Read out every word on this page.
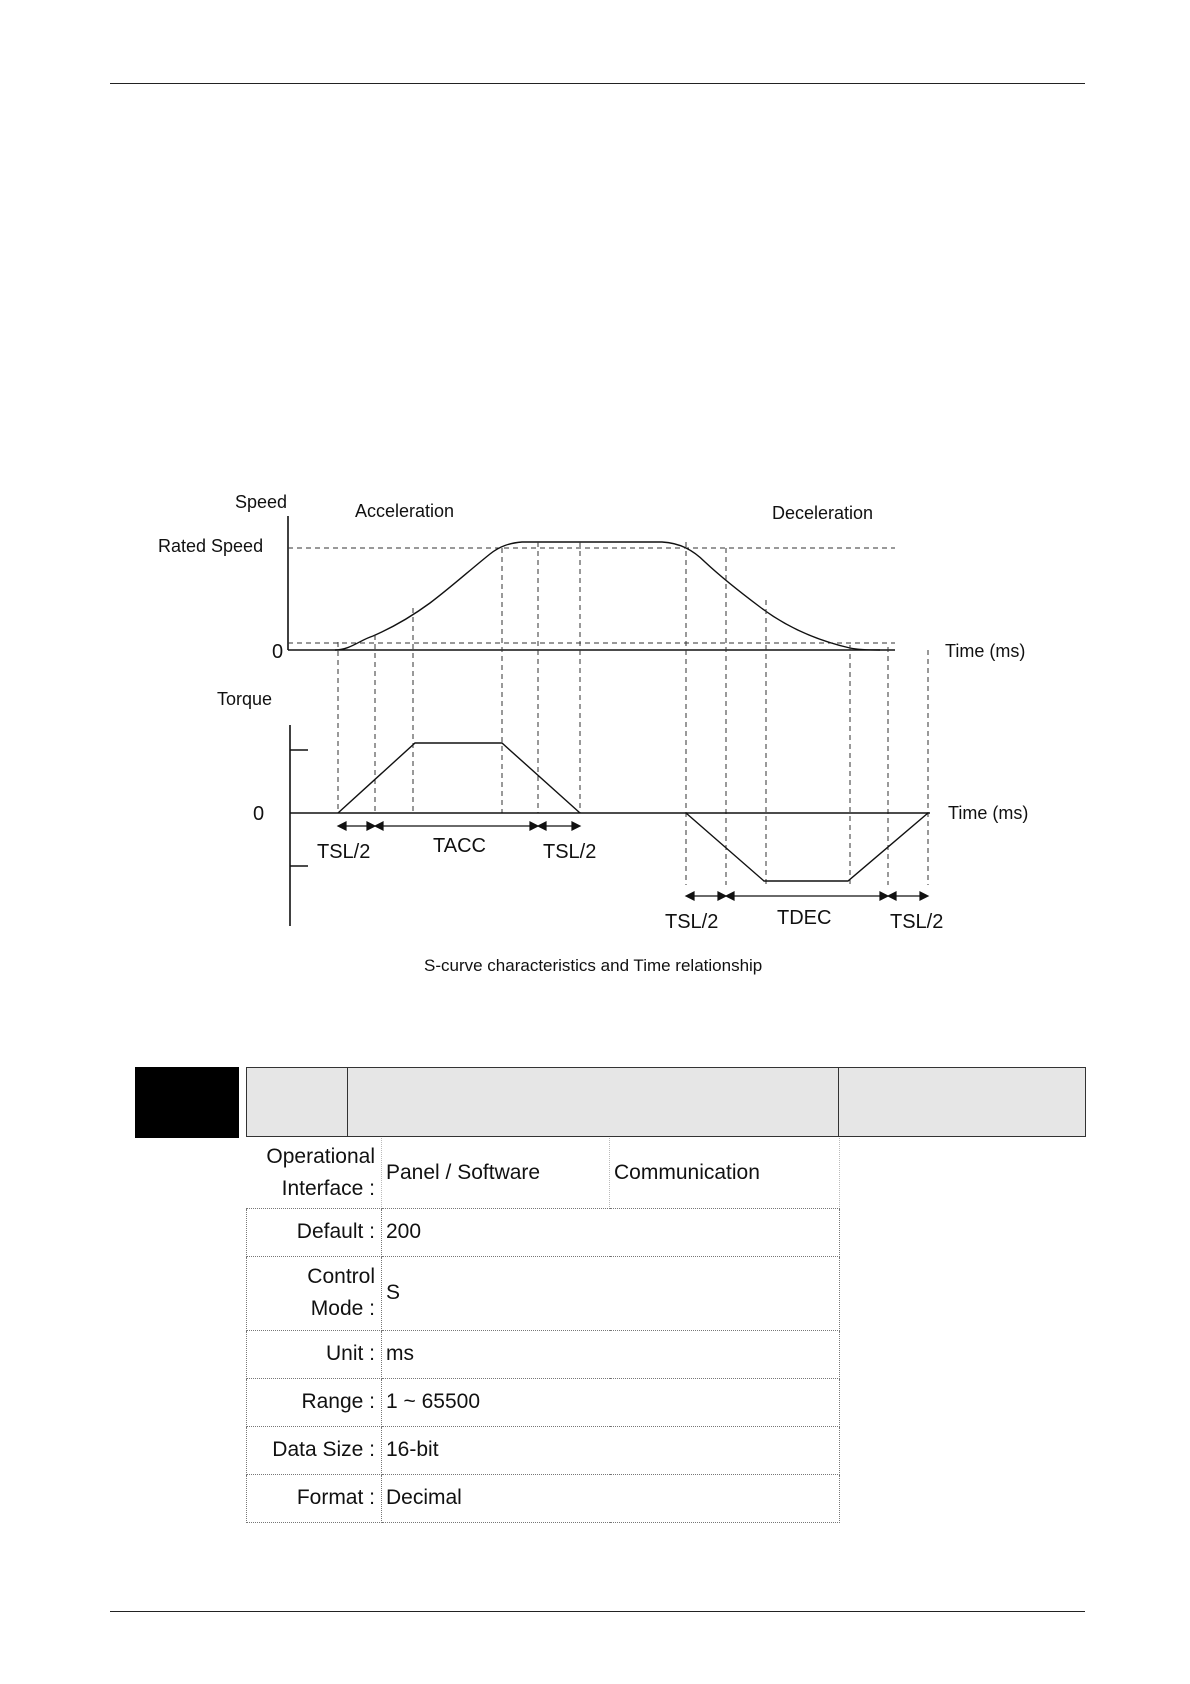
Speed
Rated Speed
Acceleration	Deceleration
0	Time (ms)
Torque
0	Time (ms)
TSL/2	TACC	TSL/2
TSL/2	TDEC	TSL/2
S-curve characteristics and Time relationship
Operational Interface :	Panel / Software	Communication
Default :	200	
Control Mode :	S	
Unit :	ms	
Range :	1 ~ 65500	
Data Size :	16-bit	
Format :	Decimal	
